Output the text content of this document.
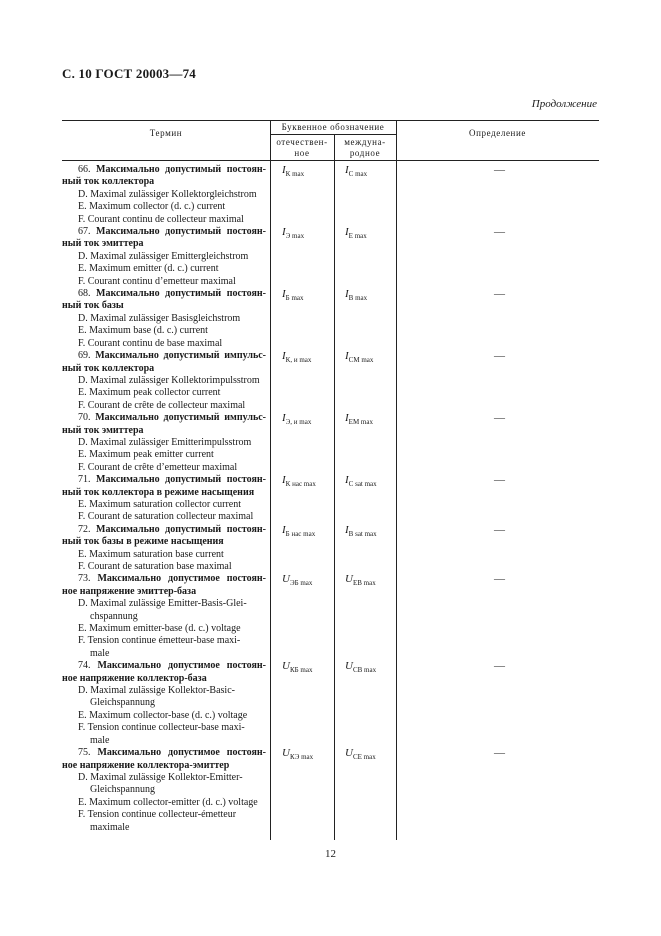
С. 10 ГОСТ 20003—74
Продолжение
Термин
Буквенное обозначение
отечествен-
ное
междуна-
родное
Определение
66. Максимально допустимый постоян- ный ток коллектора
D. Maximal zulässiger Kollektorgleichstrom
E. Maximum collector (d. c.) current
F. Courant continu de collecteur maximal
$I_{К max}$	$I_{C max}$	—
67. Максимально допустимый постоян- ный ток эмиттера
D. Maximal zulässiger Emittergleichstrom
E. Maximum emitter (d. c.) current
F. Courant continu d’emetteur maximal
$I_{Э max}$	$I_{E max}$	—
68. Максимально допустимый постоян- ный ток базы
D. Maximal zulässiger Basisgleichstrom
E. Maximum base (d. c.) current
F. Courant continu de base maximal
$I_{Б max}$	$I_{B max}$	—
69. Максимально допустимый импульс- ный ток коллектора
D. Maximal zulässiger Kollektorimpulsstrom
E. Maximum peak collector current
F. Courant de crête de collecteur maximal
$I_{К, и max}$	$I_{CM max}$	—
70. Максимально допустимый импульс- ный ток эмиттера
D. Maximal zulässiger Emitterimpulsstrom
E. Maximum peak emitter current
F. Courant de crête d’emetteur maximal
$I_{Э, и max}$	$I_{EM max}$	—
71. Максимально допустимый постоян- ный ток коллектора в режиме насыщения
E. Maximum saturation collector current
F. Courant de saturation collecteur maximal
$I_{К нас max}$	$I_{C sat max}$	—
72. Максимально допустимый постоян- ный ток базы в режиме насыщения
E. Maximum saturation base current
F. Courant de saturation base maximal
$I_{Б нас max}$	$I_{B sat max}$	—
73. Максимально допустимое постоян- ное напряжение эмиттер-база
D. Maximal zulässige Emitter-Basis-Glei-
chspannung
E. Maximum emitter-base (d. c.) voltage
F. Tension continue émetteur-base maxi-
male
$U_{ЭБ max}$	$U_{EB max}$	—
74. Максимально допустимое постоян- ное напряжение коллектор-база
D. Maximal zulässige Kollektor-Basic-
Gleichspannung
E. Maximum collector-base (d. c.) voltage
F. Tension continue collecteur-base maxi-
male
$U_{КБ max}$	$U_{CB max}$	—
75. Максимально допустимое постоян- ное напряжение коллектора-эмиттер
D. Maximal zulässige Kollektor-Emitter-
Gleichspannung
E. Maximum collector-emitter (d. c.) voltage
F. Tension continue collecteur-émetteur
maximale
$U_{КЭ max}$	$U_{CE max}$	—
12
